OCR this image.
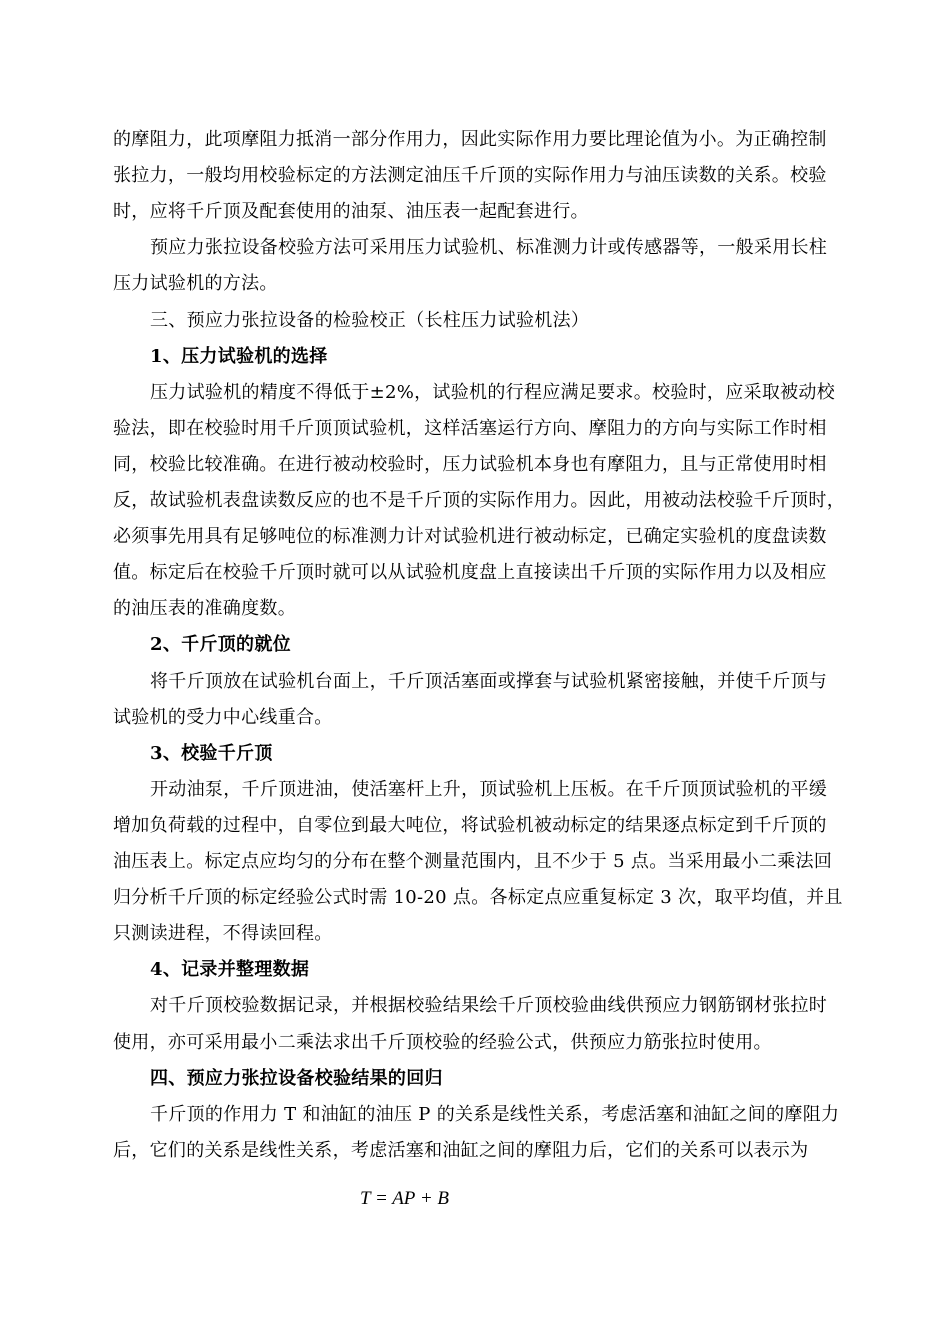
的摩阻力，此项摩阻力抵消一部分作用力，因此实际作用力要比理论值为小。为正确控制
张拉力，一般均用校验标定的方法测定油压千斤顶的实际作用力与油压读数的关系。校验
时，应将千斤顶及配套使用的油泵、油压表一起配套进行。
预应力张拉设备校验方法可采用压力试验机、标准测力计或传感器等，一般采用长柱
压力试验机的方法。
三、预应力张拉设备的检验校正（长柱压力试验机法）
1、压力试验机的选择
压力试验机的精度不得低于±2%，试验机的行程应满足要求。校验时，应采取被动校
验法，即在校验时用千斤顶顶试验机，这样活塞运行方向、摩阻力的方向与实际工作时相
同，校验比较准确。在进行被动校验时，压力试验机本身也有摩阻力，且与正常使用时相
反，故试验机表盘读数反应的也不是千斤顶的实际作用力。因此，用被动法校验千斤顶时，
必须事先用具有足够吨位的标准测力计对试验机进行被动标定，已确定实验机的度盘读数
值。标定后在校验千斤顶时就可以从试验机度盘上直接读出千斤顶的实际作用力以及相应
的油压表的准确度数。
2、千斤顶的就位
将千斤顶放在试验机台面上，千斤顶活塞面或撑套与试验机紧密接触，并使千斤顶与
试验机的受力中心线重合。
3、校验千斤顶
开动油泵，千斤顶进油，使活塞杆上升，顶试验机上压板。在千斤顶顶试验机的平缓
增加负荷载的过程中，自零位到最大吨位，将试验机被动标定的结果逐点标定到千斤顶的
油压表上。标定点应均匀的分布在整个测量范围内，且不少于 5 点。当采用最小二乘法回
归分析千斤顶的标定经验公式时需 10-20 点。各标定点应重复标定 3 次，取平均值，并且
只测读进程，不得读回程。
4、记录并整理数据
对千斤顶校验数据记录，并根据校验结果绘千斤顶校验曲线供预应力钢筋钢材张拉时
使用，亦可采用最小二乘法求出千斤顶校验的经验公式，供预应力筋张拉时使用。
四、预应力张拉设备校验结果的回归
千斤顶的作用力 T 和油缸的油压 P 的关系是线性关系，考虑活塞和油缸之间的摩阻力
后，它们的关系是线性关系，考虑活塞和油缸之间的摩阻力后，它们的关系可以表示为
T = AP + B
